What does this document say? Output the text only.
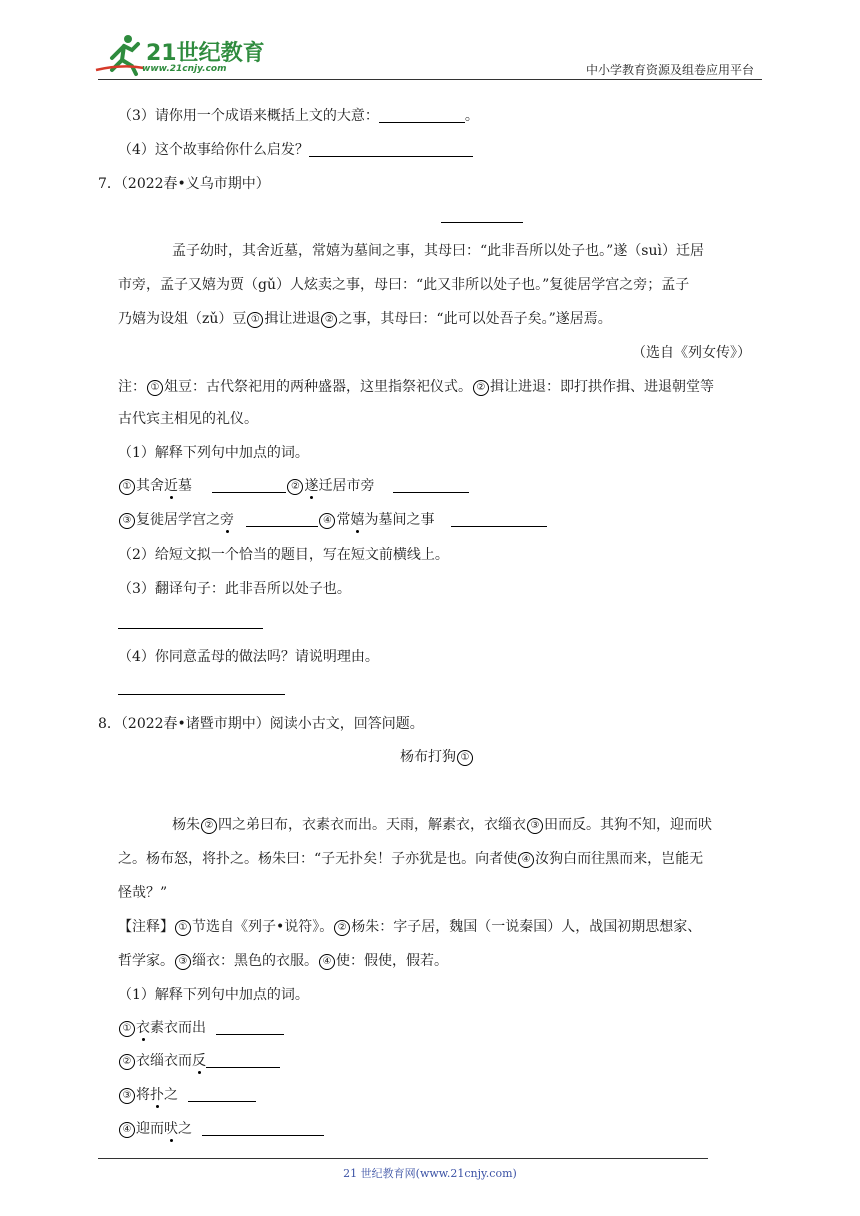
21世纪教育
www.21cnjy.com	中小学教育资源及组卷应用平台
（3）请你用一个成语来概括上文的大意：	。
（4）这个故事给你什么启发？
7．（2022春•义乌市期中）
孟子幼时，其舍近墓，常嬉为墓间之事，其母曰：“此非吾所以处子也。”遂（suì）迁居
市旁，孟子又嬉为贾（gǔ）人炫卖之事，母曰：“此又非所以处子也。”复徙居学宫之旁；孟子
乃嬉为设俎（zǔ）豆 ① 揖让进退 ② 之事，其母曰：“此可以处吾子矣。”遂居焉。
（选自《列女传》）
注： ① 俎豆：古代祭祀用的两种盛器，这里指祭祀仪式。 ② 揖让进退：即打拱作揖、进退朝堂等
古代宾主相见的礼仪。
（1）解释下列句中加点的词。
① 其舍近墓	② 遂迁居市旁
③ 复徙居学宫之旁	④ 常嬉为墓间之事
（2）给短文拟一个恰当的题目，写在短文前横线上。
（3）翻译句子：此非吾所以处子也。
（4）你同意孟母的做法吗？请说明理由。
8．（2022春•诸暨市期中）阅读小古文，回答问题。
杨布打狗 ①
杨朱 ② 四之弟曰布，衣素衣而出。天雨，解素衣，衣缁衣 ③ 田而反。其狗不知，迎而吠
之。杨布怒，将扑之。杨朱曰：“子无扑矣！子亦犹是也。向者使 ④ 汝狗白而往黑而来，岂能无
怪哉？”
【注释】 ① 节选自《列子•说符》。 ② 杨朱：字子居，魏国（一说秦国）人，战国初期思想家、
哲学家。 ③ 缁衣：黑色的衣服。 ④ 使：假使，假若。
（1）解释下列句中加点的词。
① 衣素衣而出
② 衣缁衣而反
③ 将扑之
④ 迎而吠之
21 世纪教育网(www.21cnjy.com)
